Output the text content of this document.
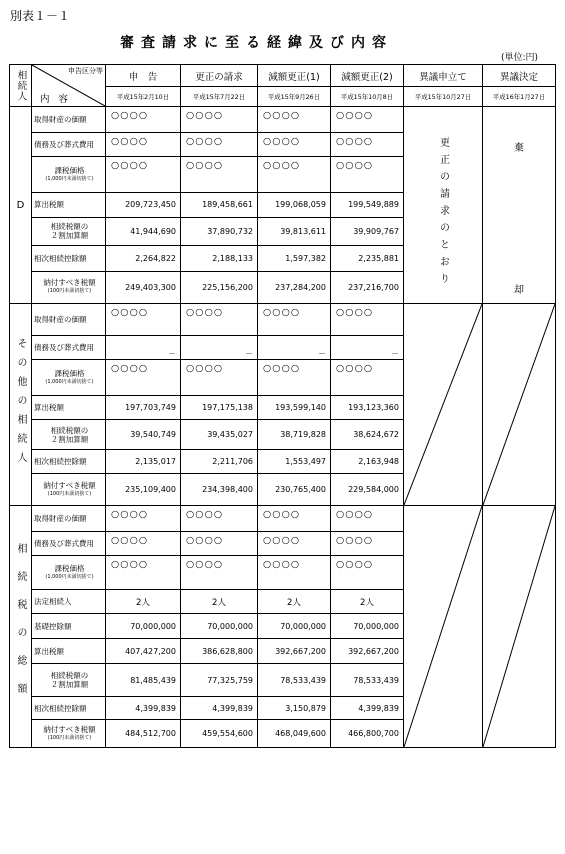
別表１－１
審査請求に至る経緯及び内容
(単位:円)
相続人	申告区分等
内 容	申　告	更正の請求	減額更正(1)	減額更正(2)	異議申立て	異議決定
		平成15年2月10日	平成15年7月22日	平成15年9月26日	平成15年10月8日	平成15年10月27日	平成16年1月27日

D	取得財産の価額	○○○○	○○○○	○○○○	○○○○	更正の請求のとおり	棄
却

	債務及び葬式費用	○○○○	○○○○	○○○○	○○○○		

	課税価格
(1,000円未満切捨て)	○○○○	○○○○	○○○○	○○○○		
	算出税額	209,723,450	189,458,661	199,068,059	199,549,889		

	相続税額の
２割加算額	41,944,690	37,890,732	39,813,611	39,909,767		
	相次相続控除額	2,264,822	2,188,133	1,597,382	2,235,881		

	納付すべき税額
(100円未満切捨て)	249,403,300	225,156,200	237,284,200	237,216,700		

その他の相続人	取得財産の価額	○○○○	○○○○	○○○○	○○○○	

	債務及び葬式費用	－	－	－	－		

	課税価格
(1,000円未満切捨て)	○○○○	○○○○	○○○○	○○○○		
	算出税額	197,703,749	197,175,138	193,599,140	193,123,360		

	相続税額の
２割加算額	39,540,749	39,435,027	38,719,828	38,624,672		
	相次相続控除額	2,135,017	2,211,706	1,553,497	2,163,948		

	納付すべき税額
(100円未満切捨て)	235,109,400	234,398,400	230,765,400	229,584,000		

相続税の総額	取得財産の価額	○○○○	○○○○	○○○○	○○○○	

	債務及び葬式費用	○○○○	○○○○	○○○○	○○○○		

	課税価格
(1,000円未満切捨て)	○○○○	○○○○	○○○○	○○○○		
	法定相続人	2人	2人	2人	2人		
	基礎控除額	70,000,000	70,000,000	70,000,000	70,000,000		
	算出税額	407,427,200	386,628,800	392,667,200	392,667,200		

	相続税額の
２割加算額	81,485,439	77,325,759	78,533,439	78,533,439		
	相次相続控除額	4,399,839	4,399,839	3,150,879	4,399,839		

	納付すべき税額
(100円未満切捨て)	484,512,700	459,554,600	468,049,600	466,800,700		
